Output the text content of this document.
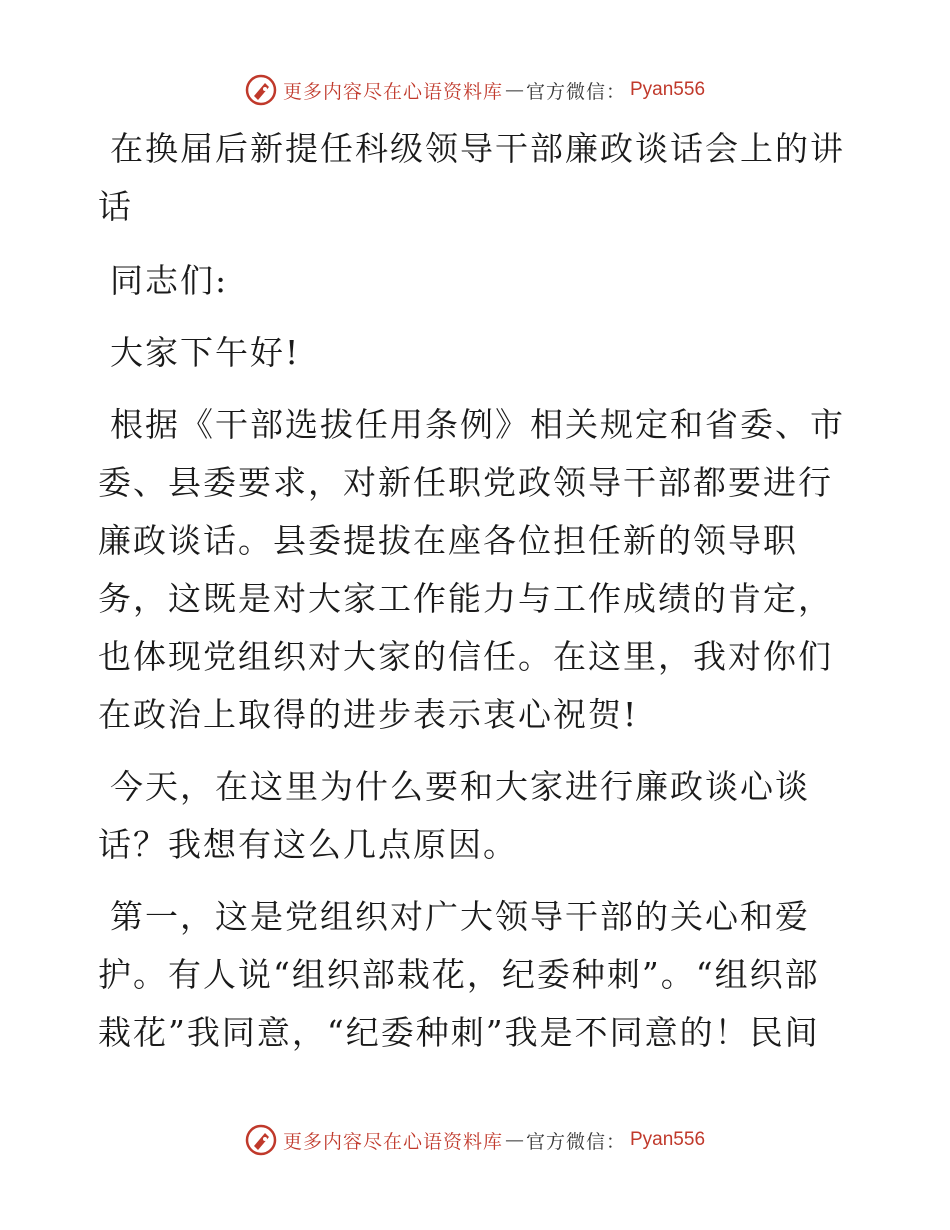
更多内容尽在心语资料库 — 官方微信： Pyan556

在换届后新提任科级领导干部廉政谈话会上的讲话

同志们:

大家下午好!

根据《干部选拔任用条例》相关规定和省委、市委、县委要求，对新任职党政领导干部都要进行廉政谈话。县委提拔在座各位担任新的领导职务，这既是对大家工作能力与工作成绩的肯定，也体现党组织对大家的信任。在这里，我对你们在政治上取得的进步表示衷心祝贺!

今天，在这里为什么要和大家进行廉政谈心谈话？我想有这么几点原因。

第一，这是党组织对广大领导干部的关心和爱护。有人说“组织部栽花，纪委种刺”。“组织部栽花”我同意，“纪委种刺”我是不同意的！民间

更多内容尽在心语资料库 — 官方微信： Pyan556
